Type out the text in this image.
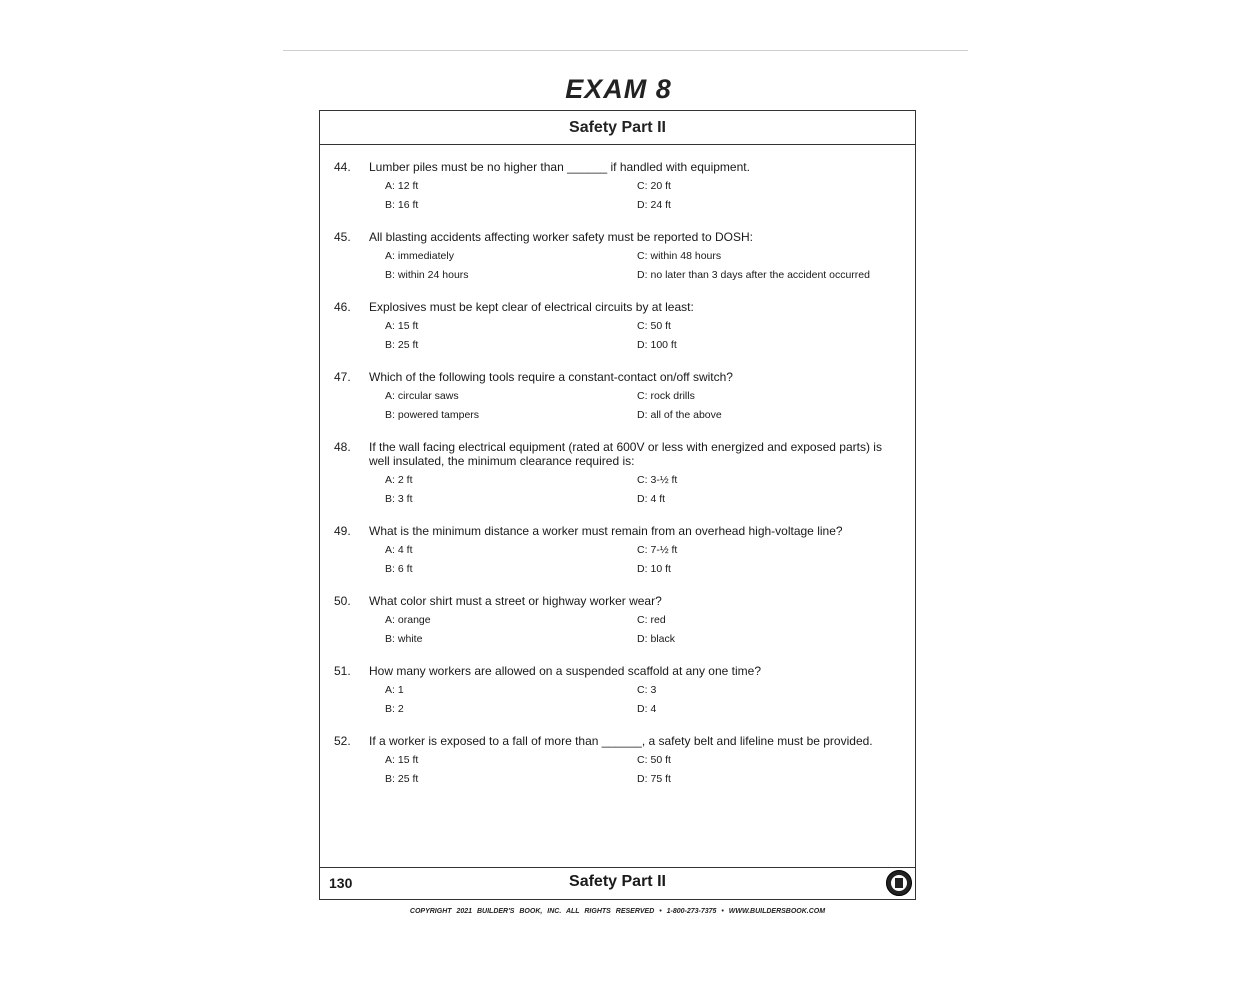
EXAM 8
Safety Part II
44.	Lumber piles must be no higher than ______ if handled with equipment.
A: 12 ft	C: 20 ft
B: 16 ft	D: 24 ft
45.	All blasting accidents affecting worker safety must be reported to DOSH:
A: immediately	C: within 48 hours
B: within 24 hours	D: no later than 3 days after the accident occurred
46.	Explosives must be kept clear of electrical circuits by at least:
A: 15 ft	C: 50 ft
B: 25 ft	D: 100 ft
47.	Which of the following tools require a constant-contact on/off switch?
A: circular saws	C: rock drills
B: powered tampers	D: all of the above
48.	If the wall facing electrical equipment (rated at 600V or less with energized and exposed parts) is well insulated, the minimum clearance required is:
A: 2 ft	C: 3-½ ft
B: 3 ft	D: 4 ft
49.	What is the minimum distance a worker must remain from an overhead high-voltage line?
A: 4 ft	C: 7-½ ft
B: 6 ft	D: 10 ft
50.	What color shirt must a street or highway worker wear?
A: orange	C: red
B: white	D: black
51.	How many workers are allowed on a suspended scaffold at any one time?
A: 1	C: 3
B: 2	D: 4
52.	If a worker is exposed to a fall of more than ______, a safety belt and lifeline must be provided.
A: 15 ft	C: 50 ft
B: 25 ft	D: 75 ft
130	Safety Part II
COPYRIGHT 2021 BUILDER'S BOOK, INC. ALL RIGHTS RESERVED • 1-800-273-7375 • WWW.BUILDERSBOOK.COM
